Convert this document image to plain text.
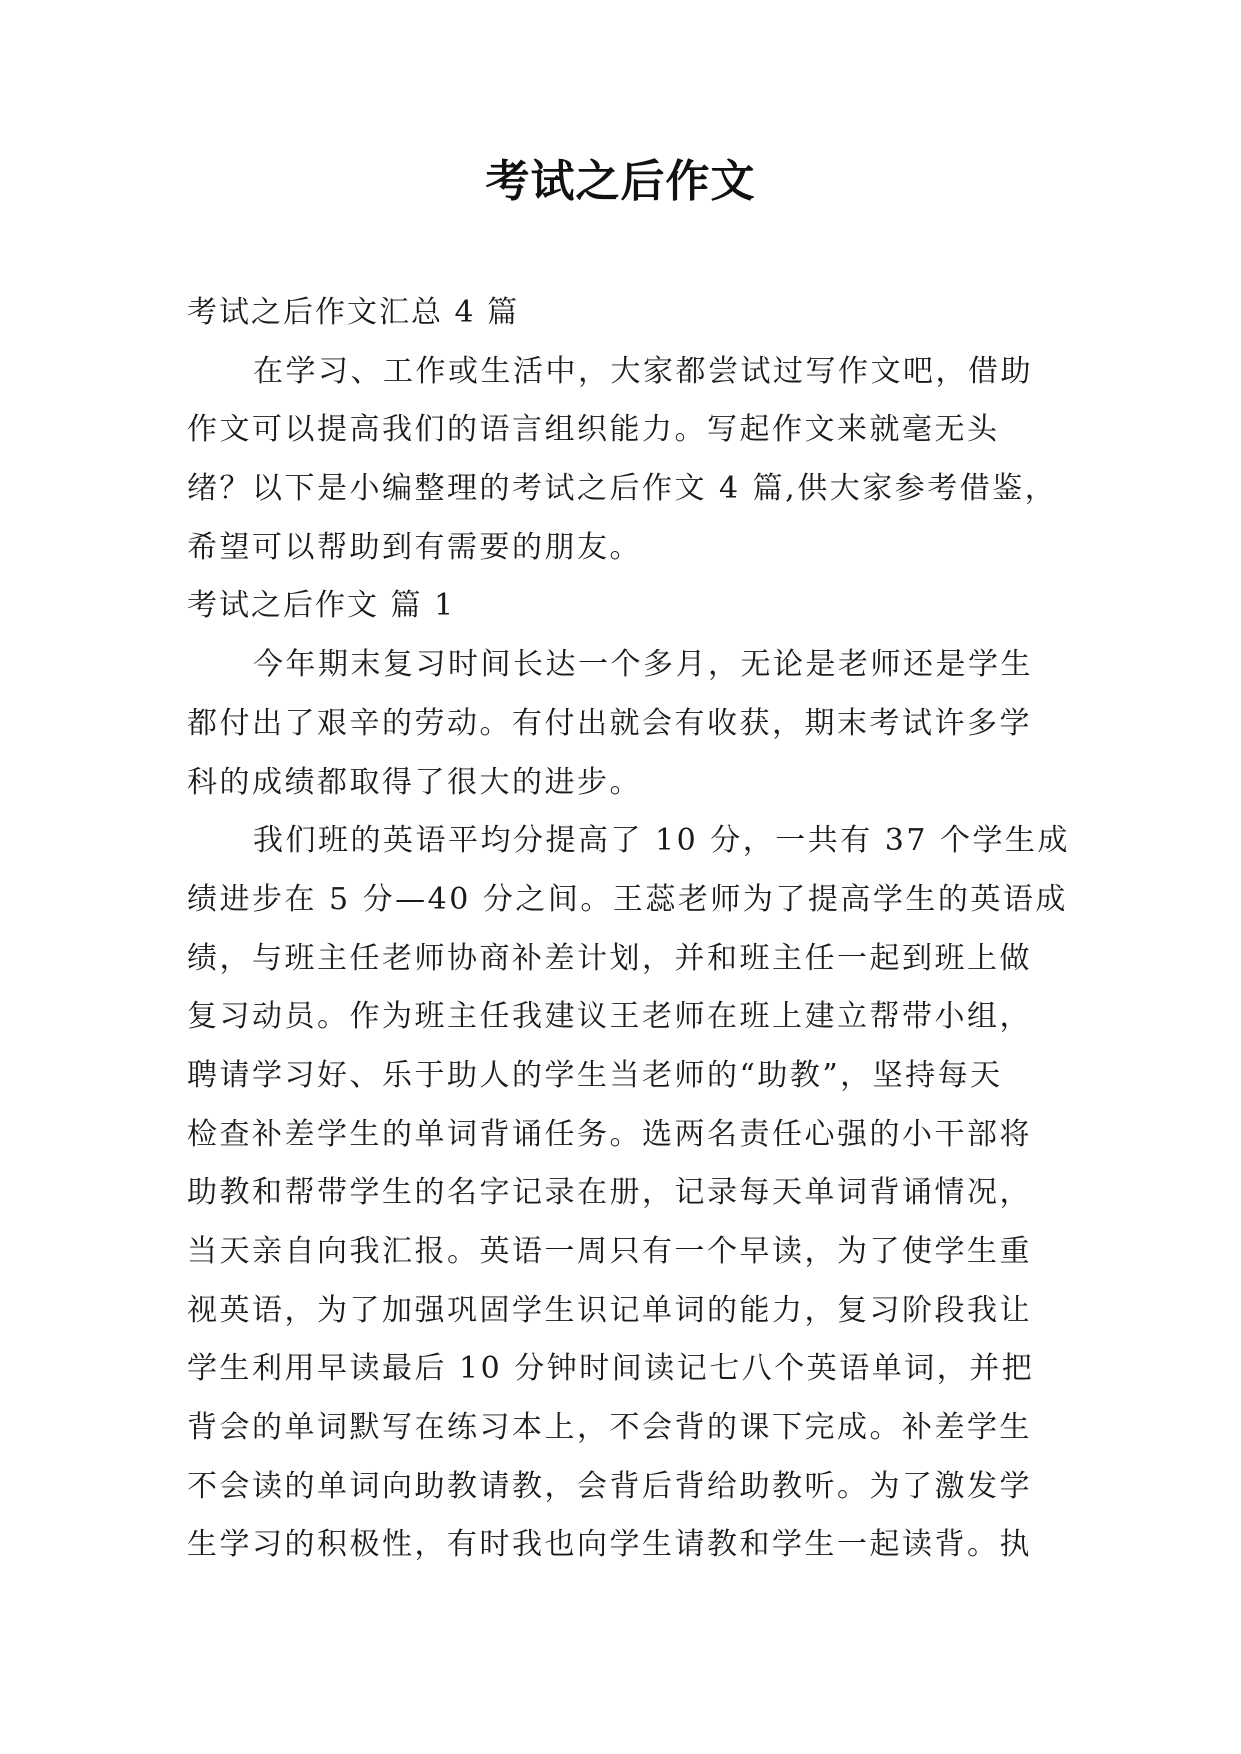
考试之后作文
考试之后作文汇总 4 篇
在学习、工作或生活中，大家都尝试过写作文吧，借助
作文可以提高我们的语言组织能力。写起作文来就毫无头
绪？以下是小编整理的考试之后作文 4 篇,供大家参考借鉴，
希望可以帮助到有需要的朋友。
考试之后作文 篇 1
今年期末复习时间长达一个多月，无论是老师还是学生
都付出了艰辛的劳动。有付出就会有收获，期末考试许多学
科的成绩都取得了很大的进步。
我们班的英语平均分提高了 10 分，一共有 37 个学生成
绩进步在 5 分—40 分之间。王蕊老师为了提高学生的英语成
绩，与班主任老师协商补差计划，并和班主任一起到班上做
复习动员。作为班主任我建议王老师在班上建立帮带小组，
聘请学习好、乐于助人的学生当老师的“助教”，坚持每天
检查补差学生的单词背诵任务。选两名责任心强的小干部将
助教和帮带学生的名字记录在册，记录每天单词背诵情况，
当天亲自向我汇报。英语一周只有一个早读，为了使学生重
视英语，为了加强巩固学生识记单词的能力，复习阶段我让
学生利用早读最后 10 分钟时间读记七八个英语单词，并把
背会的单词默写在练习本上，不会背的课下完成。补差学生
不会读的单词向助教请教，会背后背给助教听。为了激发学
生学习的积极性，有时我也向学生请教和学生一起读背。执
